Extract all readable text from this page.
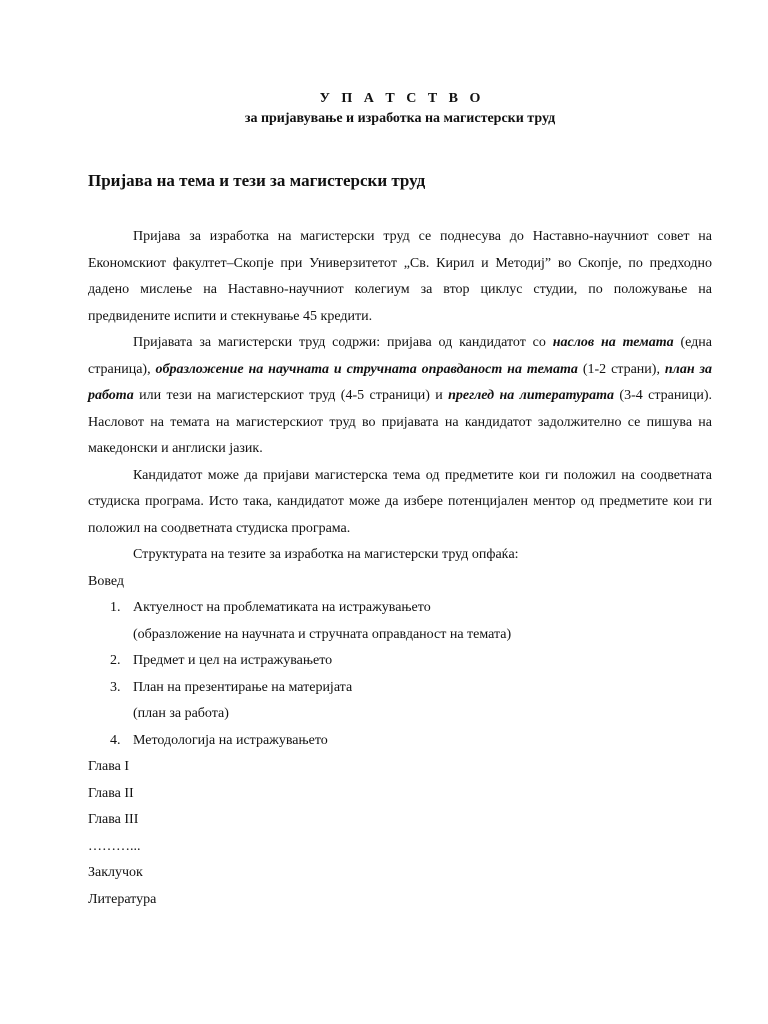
У П А Т С Т В О
за пријавување и изработка на магистерски труд
Пријава на тема и тези за магистерски труд

Пријава за изработка на магистерски труд се поднесува до Наставно-научниот совет на Економскиот факултет–Скопје при Универзитетот „Св. Кирил и Методиј” во Скопје, по предходно дадено мислење на Наставно-научниот колегиум за втор циклус студии, по положување на предвидените испити и стекнување 45 кредити.

Пријавата за магистерски труд содржи: пријава од кандидатот со наслов на темата (една страница), образложение на научната и стручната оправданост на темата (1-2 страни), план за работа или тези на магистерскиот труд (4-5 страници) и преглед на литературата (3-4 страници). Насловот на темата на магистерскиот труд во пријавата на кандидатот задолжително се пишува на македонски и англиски јазик.

Кандидатот може да пријави магистерска тема од предметите кои ги положил на соодветната студиска програма. Исто така, кандидатот може да избере потенцијален ментор од предметите кои ги положил на соодветната студиска програма.

Структурата на тезите за изработка на магистерски труд опфаќа:
Вовед
1. Актуелност на проблематиката на истражувањето
(образложение на научната и стручната оправданост на темата)
2. Предмет и цел на истражувањето
3. План на презентирање на материјата
(план за работа)
4. Методологија на истражувањето
Глава I
Глава II
Глава III
………...
Заклучок
Литература
